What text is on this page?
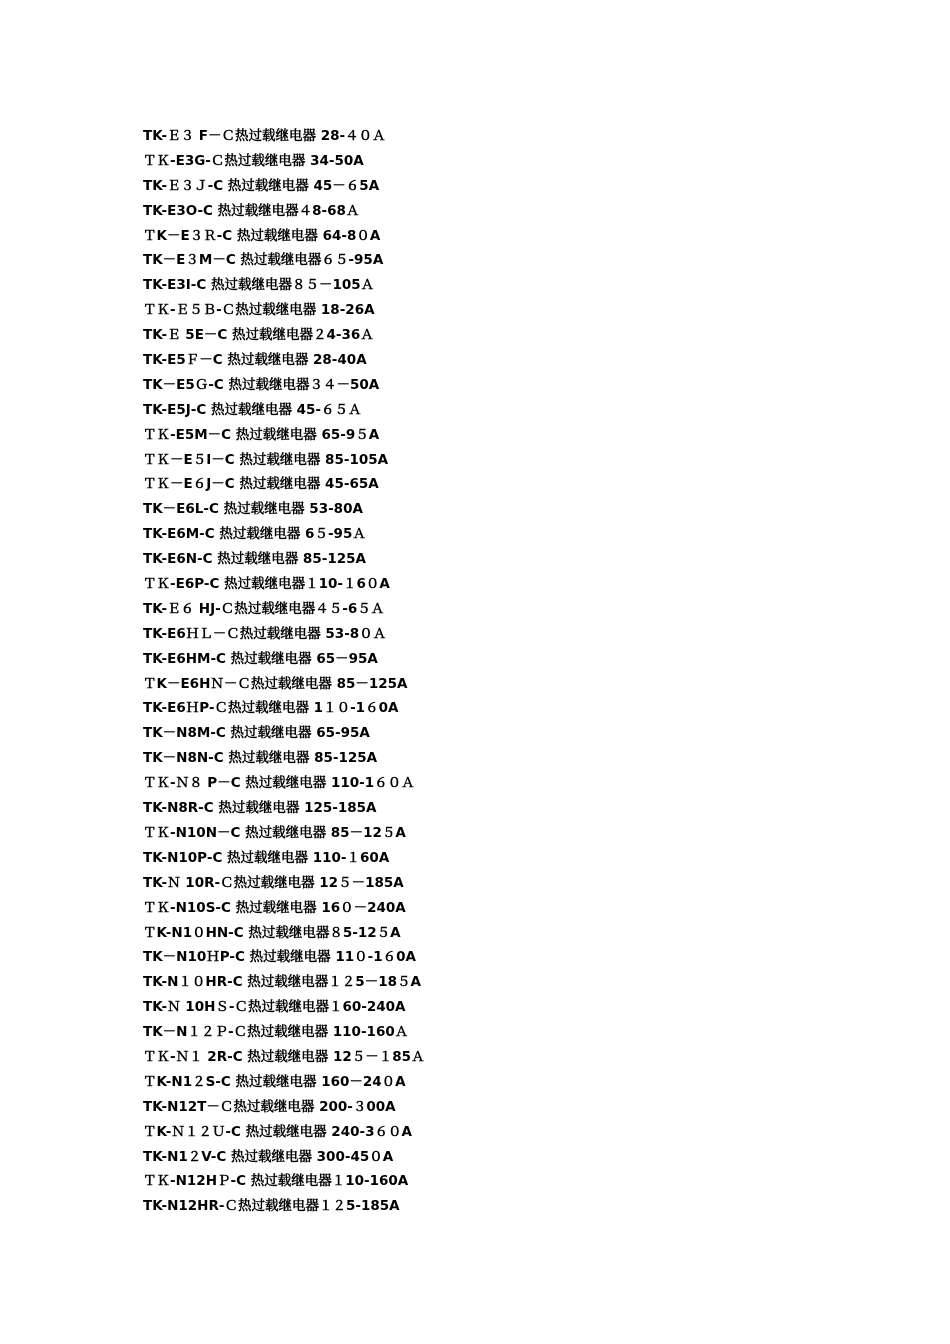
TK-Ｅ３ F－Ｃ热过载继电器 28-４０Ａ
ＴＫ-E3G-Ｃ热过载继电器 34-50A
TK-Ｅ３Ｊ-C 热过载继电器 45－６5A
TK-E3O-C 热过载继电器４8-68Ａ
ＴK－E３Ｒ-C 热过载继电器 64-8０A
TK－E３M－C 热过载继电器６５-95A
TK-E3I-C 热过载继电器８５－105Ａ
ＴＫ-Ｅ５Ｂ-Ｃ热过载继电器 18-26A
TK-Ｅ 5E－C 热过载继电器２4-36Ａ
TK-E5Ｆ－C 热过载继电器 28-40A
TK－E5Ｇ-C 热过载继电器３４－50A
TK-E5J-C 热过载继电器 45-６５Ａ
ＴＫ-E5M－C 热过载继电器 65-9５A
ＴＫ－E５I－C 热过载继电器 85-105A
ＴＫ－E６J－C 热过载继电器 45-65A
TK－E6L-C 热过载继电器 53-80A
TK-E6M-C 热过载继电器 6５-95Ａ
TK-E6N-C 热过载继电器 85-125A
ＴＫ-E6P-C 热过载继电器１10-１6０A
TK-Ｅ６ HJ-Ｃ热过载继电器４５-6５Ａ
TK-E6ＨＬ－Ｃ热过载继电器 53-8０Ａ
TK-E6HM-C 热过载继电器 65－95A
ＴK－E6HＮ－Ｃ热过载继电器 85－125A
TK-E6ＨP-Ｃ热过载继电器 1１０-1６0A
TK－N8M-C 热过载继电器 65-95A
TK－N8N-C 热过载继电器 85-125A
ＴＫ-Ｎ８ P－C 热过载继电器 110-1６０Ａ
TK-N8R-C 热过载继电器 125-185A
ＴＫ-N10N－C 热过载继电器 85－12５A
TK-N10P-C 热过载继电器 110-１60A
TK-Ｎ 10R-Ｃ热过载继电器 12５－185A
ＴＫ-N10S-C 热过载继电器 16０－240A
ＴK-N1０HN-C 热过载继电器８5-12５A
TK－N10ＨP-C 热过载继电器 11０-1６0A
TK-N１０HR-C 热过载继电器１２5－18５A
TK-Ｎ 10HＳ-Ｃ热过载继电器１60-240A
TK－N１２Ｐ-Ｃ热过载继电器 110-160Ａ
ＴＫ-Ｎ１ 2R-C 热过载继电器 12５－１85Ａ
ＴK-N1２S-C 热过载继电器 160－24０A
TK-N12T－Ｃ热过载继电器 200-３00A
ＴK-Ｎ１２Ｕ-C 热过载继电器 240-3６０A
TK-N1２V-C 热过载继电器 300-45０A
ＴＫ-N12HＰ-C 热过载继电器１10-160A
TK-N12HR-Ｃ热过载继电器１２5-185A
